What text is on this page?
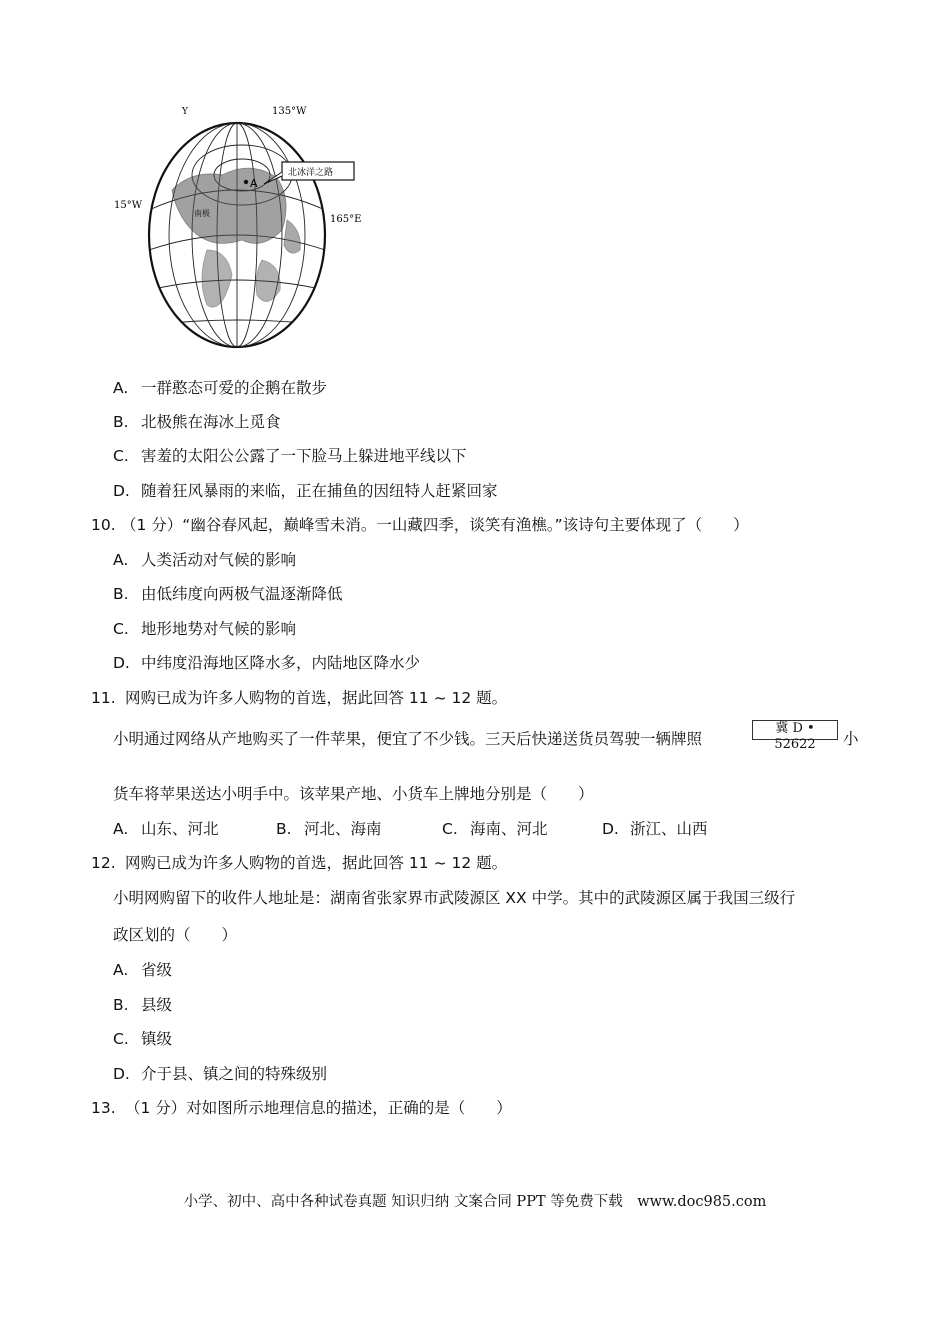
Y	135°W
15°W
165°E
A
北冰洋之路
南极
A. 一群憨态可爱的企鹅在散步
B. 北极熊在海冰上觅食
C. 害羞的太阳公公露了一下脸马上躲进地平线以下
D. 随着狂风暴雨的来临，正在捕鱼的因纽特人赶紧回家
10. （1 分）“幽谷春风起，巅峰雪未消。一山藏四季，谈笑有渔樵。”该诗句主要体现了（　　）
A. 人类活动对气候的影响
B. 由低纬度向两极气温逐渐降低
C. 地形地势对气候的影响
D. 中纬度沿海地区降水多，内陆地区降水少
11. 网购已成为许多人购物的首选，据此回答 11 ~ 12 题。
小明通过网络从产地购买了一件苹果，便宜了不少钱。三天后快递送货员驾驶一辆牌照
冀 D • 52622	小
货车将苹果送达小明手中。该苹果产地、小货车上牌地分别是（　　）
A. 山东、河北	B. 河北、海南	C. 海南、河北	D. 浙江、山西
12. 网购已成为许多人购物的首选，据此回答 11 ~ 12 题。
小明网购留下的收件人地址是：湖南省张家界市武陵源区 XX 中学。其中的武陵源区属于我国三级行
政区划的（　　）
A. 省级
B. 县级
C. 镇级
D. 介于县、镇之间的特殊级别
13. （1 分）对如图所示地理信息的描述，正确的是（　　）
小学、初中、高中各种试卷真题 知识归纳 文案合同 PPT 等免费下载　www.doc985.com
